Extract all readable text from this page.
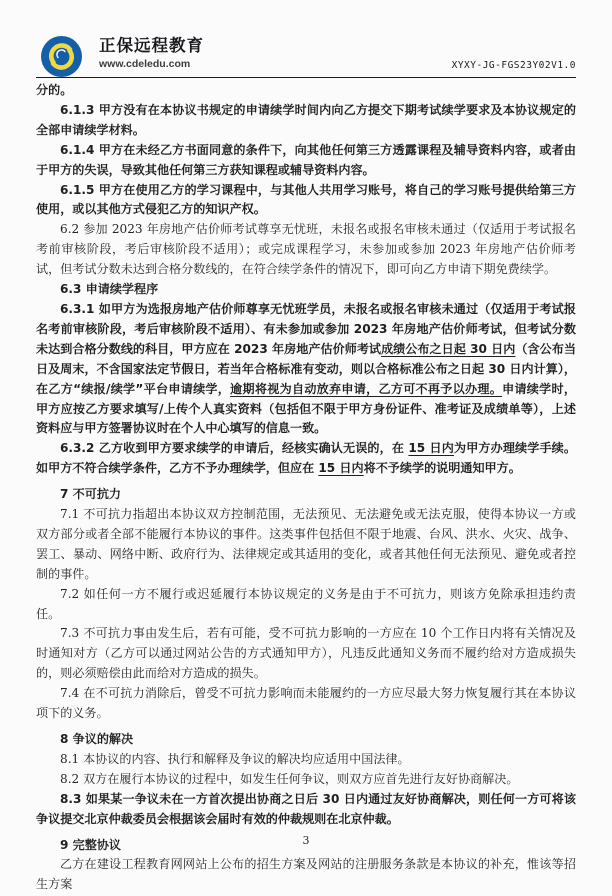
正保远程教育
www.cdeledu.com	XYXY-JG-FGS23Y02V1.0

分的。

6.1.3 甲方没有在本协议书规定的申请续学时间内向乙方提交下期考试续学要求及本协议规定的全部申请续学材料。

6.1.4 甲方在未经乙方书面同意的条件下，向其他任何第三方透露课程及辅导资料内容，或者由于甲方的失误，导致其他任何第三方获知课程或辅导资料内容。

6.1.5 甲方在使用乙方的学习课程中，与其他人共用学习账号，将自己的学习账号提供给第三方使用，或以其他方式侵犯乙方的知识产权。

6.2 参加 2023 年房地产估价师考试尊享无忧班，未报名或报名审核未通过（仅适用于考试报名考前审核阶段，考后审核阶段不适用）；或完成课程学习，未参加或参加 2023 年房地产估价师考试，但考试分数未达到合格分数线的，在符合续学条件的情况下，即可向乙方申请下期免费续学。

6.3 申请续学程序

6.3.1 如甲方为选报房地产估价师尊享无忧班学员，未报名或报名审核未通过（仅适用于考试报名考前审核阶段，考后审核阶段不适用）、有未参加或参加 2023 年房地产估价师考试，但考试分数未达到合格分数线的科目，甲方应在 2023 年房地产估价师考试成绩公布之日起 30 日内（含公布当日及周末，不含国家法定节假日，若当年合格标准有变动，则以合格标准公布之日起 30 日内计算），在乙方“续报/续学”平台申请续学，逾期将视为自动放弃申请，乙方可不再予以办理。申请续学时，甲方应按乙方要求填写/上传个人真实资料（包括但不限于甲方身份证件、准考证及成绩单等），上述资料应与甲方签署协议时在个人中心填写的信息一致。

6.3.2 乙方收到甲方要求续学的申请后，经核实确认无误的，在 15 日内为甲方办理续学手续。如甲方不符合续学条件，乙方不予办理续学，但应在 15 日内将不予续学的说明通知甲方。

7 不可抗力

7.1 不可抗力指超出本协议双方控制范围，无法预见、无法避免或无法克服，使得本协议一方或双方部分或者全部不能履行本协议的事件。这类事件包括但不限于地震、台风、洪水、火灾、战争、罢工、暴动、网络中断、政府行为、法律规定或其适用的变化，或者其他任何无法预见、避免或者控制的事件。

7.2 如任何一方不履行或迟延履行本协议规定的义务是由于不可抗力，则该方免除承担违约责任。

7.3 不可抗力事由发生后，若有可能，受不可抗力影响的一方应在 10 个工作日内将有关情况及时通知对方（乙方可以通过网站公告的方式通知甲方），凡违反此通知义务而不履约给对方造成损失的，则必须赔偿由此而给对方造成的损失。

7.4 在不可抗力消除后，曾受不可抗力影响而未能履约的一方应尽最大努力恢复履行其在本协议项下的义务。

8 争议的解决

8.1 本协议的内容、执行和解释及争议的解决均应适用中国法律。

8.2 双方在履行本协议的过程中，如发生任何争议，则双方应首先进行友好协商解决。

8.3 如果某一争议未在一方首次提出协商之日后 30 日内通过友好协商解决，则任何一方可将该争议提交北京仲裁委员会根据该会届时有效的仲裁规则在北京仲裁。

9 完整协议

乙方在建设工程教育网网站上公布的招生方案及网站的注册服务条款是本协议的补充，惟该等招生方案

3
